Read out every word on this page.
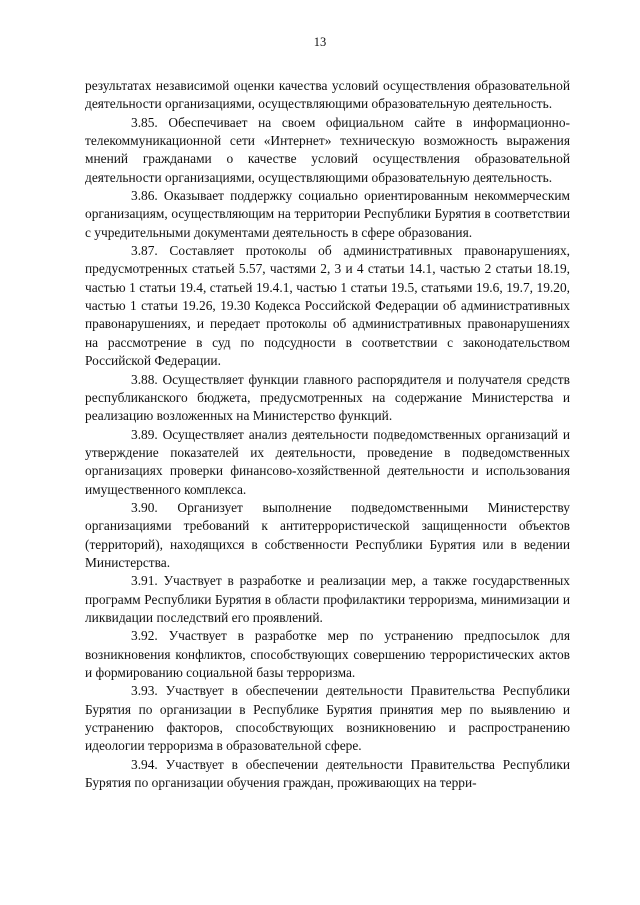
13

результатах независимой оценки качества условий осуществления образовательной деятельности организациями, осуществляющими образовательную деятельность.

3.85. Обеспечивает на своем официальном сайте в информационно-телекоммуникационной сети «Интернет» техническую возможность выражения мнений гражданами о качестве условий осуществления образовательной деятельности организациями, осуществляющими образовательную деятельность.

3.86. Оказывает поддержку социально ориентированным некоммерческим организациям, осуществляющим на территории Республики Бурятия в соответствии с учредительными документами деятельность в сфере образования.

3.87. Составляет протоколы об административных правонарушениях, предусмотренных статьей 5.57, частями 2, 3 и 4 статьи 14.1, частью 2 статьи 18.19, частью 1 статьи 19.4, статьей 19.4.1, частью 1 статьи 19.5, статьями 19.6, 19.7, 19.20, частью 1 статьи 19.26, 19.30 Кодекса Российской Федерации об административных правонарушениях, и передает протоколы об административных правонарушениях на рассмотрение в суд по подсудности в соответствии с законодательством Российской Федерации.

3.88. Осуществляет функции главного распорядителя и получателя средств республиканского бюджета, предусмотренных на содержание Министерства и реализацию возложенных на Министерство функций.

3.89. Осуществляет анализ деятельности подведомственных организаций и утверждение показателей их деятельности, проведение в подведомственных организациях проверки финансово-хозяйственной деятельности и использования имущественного комплекса.

3.90. Организует выполнение подведомственными Министерству организациями требований к антитеррористической защищенности объектов (территорий), находящихся в собственности Республики Бурятия или в ведении Министерства.

3.91. Участвует в разработке и реализации мер, а также государственных программ Республики Бурятия в области профилактики терроризма, минимизации и ликвидации последствий его проявлений.

3.92. Участвует в разработке мер по устранению предпосылок для возникновения конфликтов, способствующих совершению террористических актов и формированию социальной базы терроризма.

3.93. Участвует в обеспечении деятельности Правительства Республики Бурятия по организации в Республике Бурятия принятия мер по выявлению и устранению факторов, способствующих возникновению и распространению идеологии терроризма в образовательной сфере.

3.94. Участвует в обеспечении деятельности Правительства Республики Бурятия по организации обучения граждан, проживающих на терри-
